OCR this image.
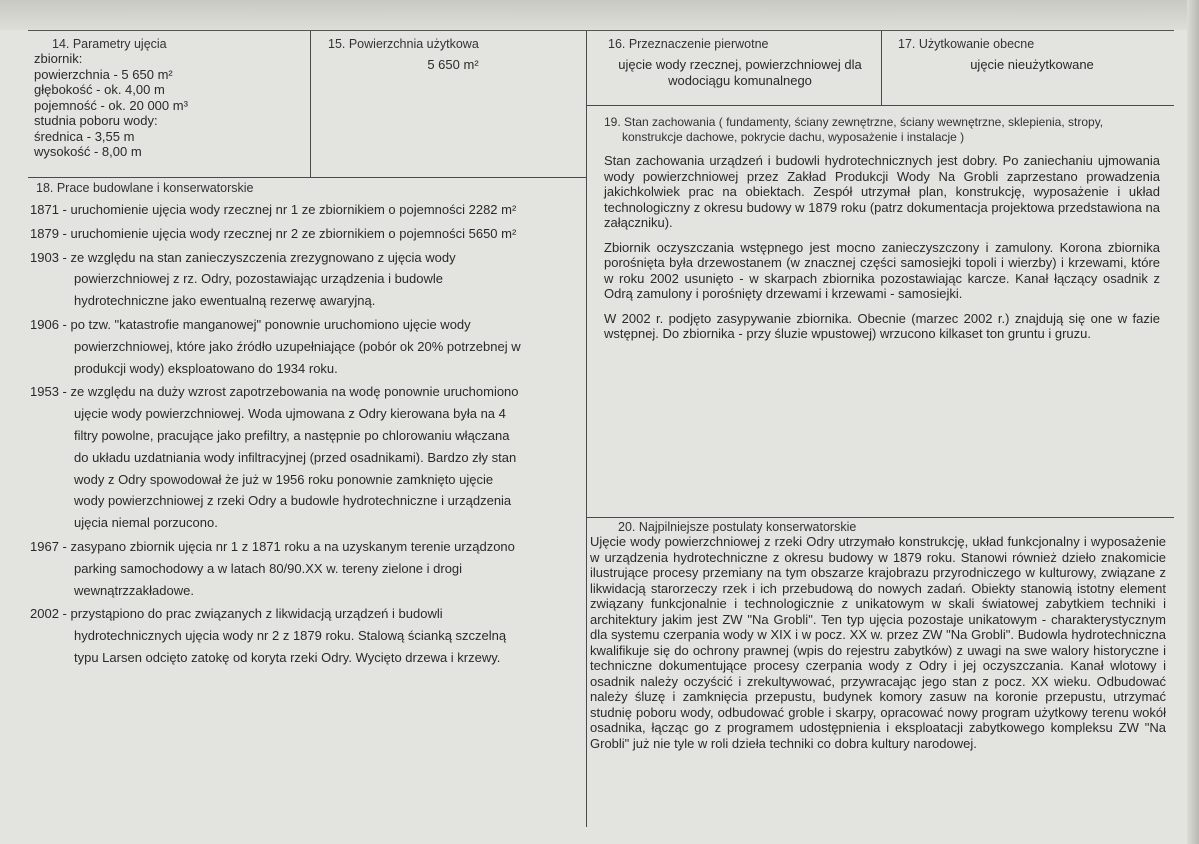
14. Parametry ujęcia
zbiornik:
powierzchnia - 5 650 m²
głębokość - ok. 4,00 m
pojemność - ok. 20 000 m³
studnia poboru wody:
średnica - 3,55 m
wysokość - 8,00 m
15. Powierzchnia użytkowa
5 650 m²
16. Przeznaczenie pierwotne
ujęcie wody rzecznej, powierzchniowej dla wodociągu komunalnego
17. Użytkowanie obecne
ujęcie nieużytkowane
18. Prace budowlane i konserwatorskie
1871 - uruchomienie ujęcia wody rzecznej nr 1 ze zbiornikiem o pojemności 2282 m²
1879 - uruchomienie ujęcia wody rzecznej nr 2 ze zbiornikiem o pojemności 5650 m²
1903 - ze względu na stan zanieczyszczenia zrezygnowano z ujęcia wody
powierzchniowej z rz. Odry, pozostawiając urządzenia i budowle
hydrotechniczne jako ewentualną rezerwę awaryjną.
1906 - po tzw. "katastrofie manganowej" ponownie uruchomiono ujęcie wody
powierzchniowej, które jako źródło uzupełniające (pobór ok 20% potrzebnej w
produkcji wody) eksploatowano do 1934 roku.
1953 - ze względu na duży wzrost zapotrzebowania na wodę ponownie uruchomiono
ujęcie wody powierzchniowej. Woda ujmowana z Odry kierowana była na 4
filtry powolne, pracujące jako prefiltry, a następnie po chlorowaniu włączana
do układu uzdatniania wody infiltracyjnej (przed osadnikami). Bardzo zły stan
wody z Odry spowodował że już w 1956 roku ponownie zamknięto ujęcie
wody powierzchniowej z rzeki Odry a budowle hydrotechniczne i urządzenia
ujęcia niemal porzucono.
1967 - zasypano zbiornik ujęcia nr 1 z 1871 roku a na uzyskanym terenie urządzono
parking samochodowy a w latach 80/90.XX w. tereny zielone i drogi
wewnątrzzakładowe.
2002 - przystąpiono do prac związanych z likwidacją urządzeń i budowli
hydrotechnicznych ujęcia wody nr 2 z 1879 roku. Stalową ścianką szczelną
typu Larsen odcięto zatokę od koryta rzeki Odry. Wycięto drzewa i krzewy.
19. Stan zachowania ( fundamenty, ściany zewnętrzne, ściany wewnętrzne, sklepienia, stropy, konstrukcje dachowe, pokrycie dachu, wyposażenie i instalacje )
Stan zachowania urządzeń i budowli hydrotechnicznych jest dobry. Po zaniechaniu ujmowania wody powierzchniowej przez Zakład Produkcji Wody Na Grobli zaprzestano prowadzenia jakichkolwiek prac na obiektach. Zespół utrzymał plan, konstrukcję, wyposażenie i układ technologiczny z okresu budowy w 1879 roku (patrz dokumentacja projektowa przedstawiona na załączniku).
Zbiornik oczyszczania wstępnego jest mocno zanieczyszczony i zamulony. Korona zbiornika porośnięta była drzewostanem (w znacznej części samosiejki topoli i wierzby) i krzewami, które w roku 2002 usunięto - w skarpach zbiornika pozostawiając karcze. Kanał łączący osadnik z Odrą zamulony i porośnięty drzewami i krzewami - samosiejki.
W 2002 r. podjęto zasypywanie zbiornika. Obecnie (marzec 2002 r.) znajdują się one w fazie wstępnej. Do zbiornika - przy śluzie wpustowej) wrzucono kilkaset ton gruntu i gruzu.
20. Najpilniejsze postulaty konserwatorskie
Ujęcie wody powierzchniowej z rzeki Odry utrzymało konstrukcję, układ funkcjonalny i wyposażenie w urządzenia hydrotechniczne z okresu budowy w 1879 roku. Stanowi również dzieło znakomicie ilustrujące procesy przemiany na tym obszarze krajobrazu przyrodniczego w kulturowy, związane z likwidacją starorzeczy rzek i ich przebudową do nowych zadań. Obiekty stanowią istotny element związany funkcjonalnie i technologicznie z unikatowym w skali światowej zabytkiem techniki i architektury jakim jest ZW "Na Grobli". Ten typ ujęcia pozostaje unikatowym - charakterystycznym dla systemu czerpania wody w XIX i w pocz. XX w. przez ZW "Na Grobli". Budowla hydrotechniczna kwalifikuje się do ochrony prawnej (wpis do rejestru zabytków) z uwagi na swe walory historyczne i techniczne dokumentujące procesy czerpania wody z Odry i jej oczyszczania. Kanał wlotowy i osadnik należy oczyścić i zrekultywować, przywracając jego stan z pocz. XX wieku. Odbudować należy śluzę i zamknięcia przepustu, budynek komory zasuw na koronie przepustu, utrzymać studnię poboru wody, odbudować groble i skarpy, opracować nowy program użytkowy terenu wokół osadnika, łącząc go z programem udostępnienia i eksploatacji zabytkowego kompleksu ZW "Na Grobli" już nie tyle w roli dzieła techniki co dobra kultury narodowej.
